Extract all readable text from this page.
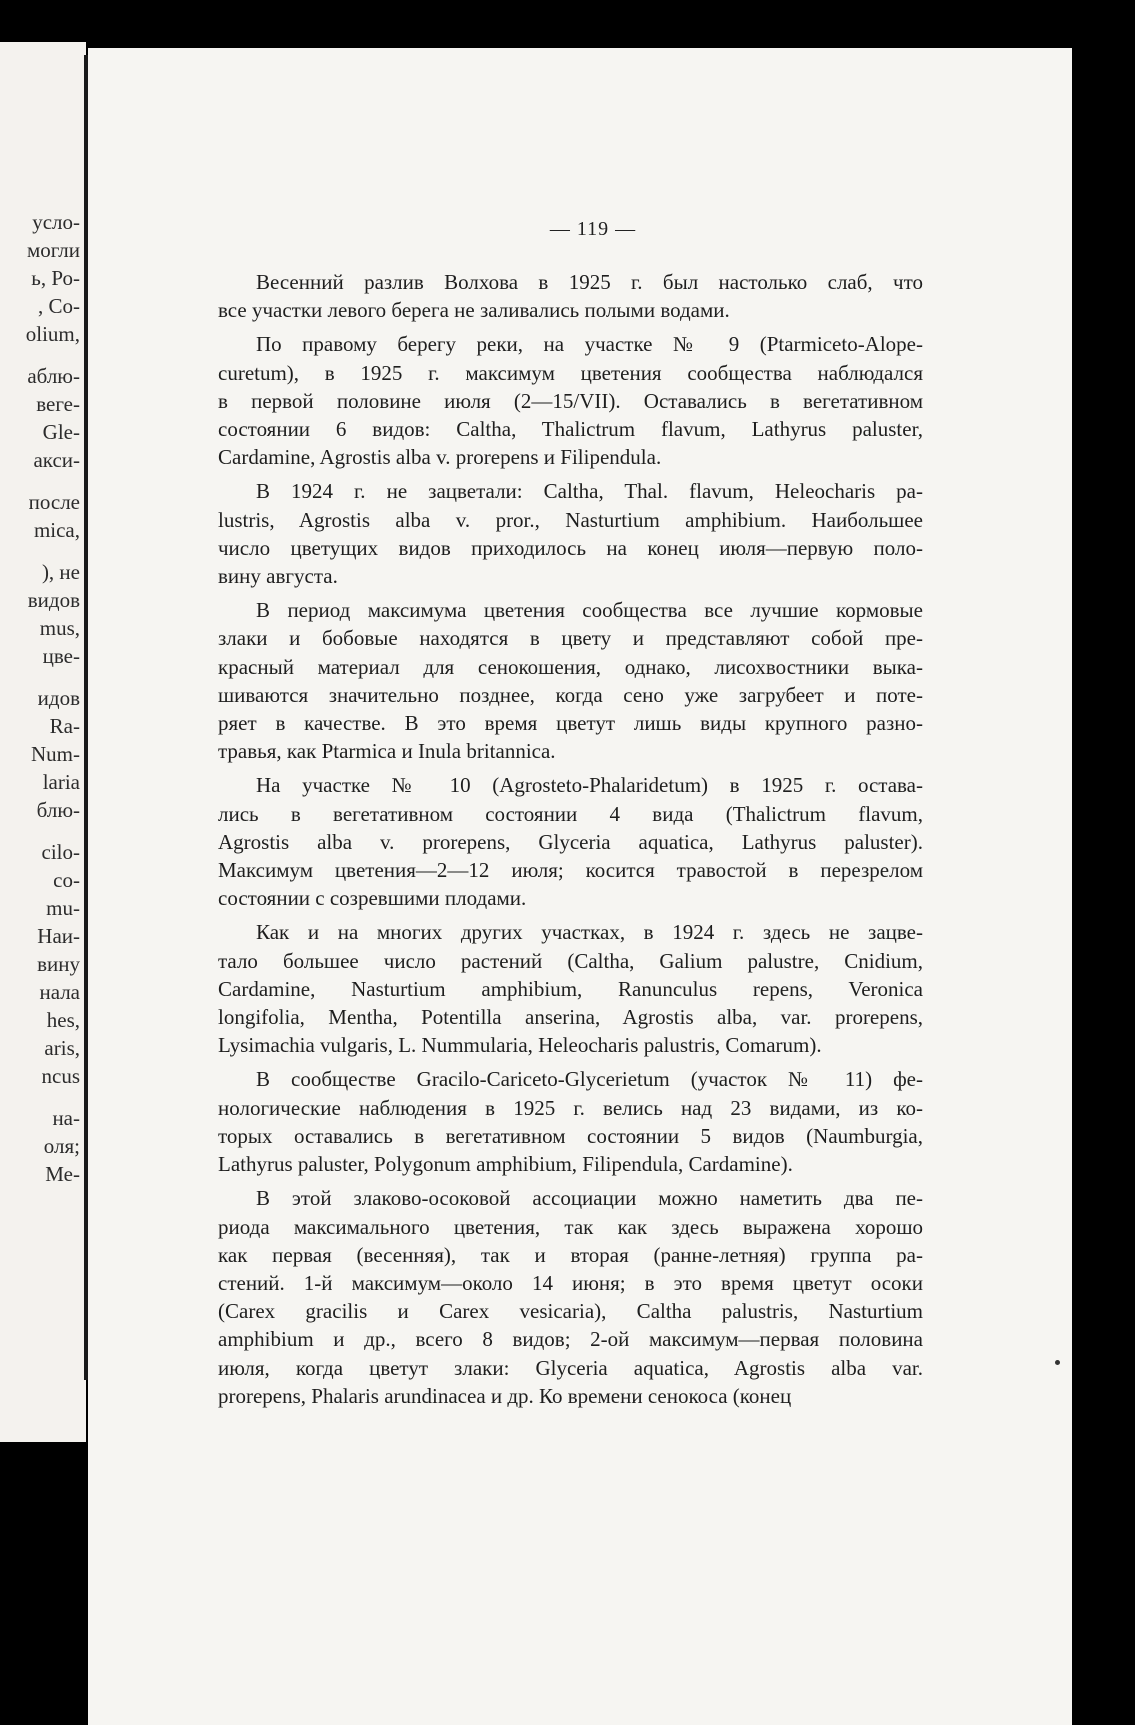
усло-
могли
ь, Ро-
, Co-
olium,
аблю-
веге-
Gle-
акси-
после
mica,
), не
видов
mus,
цве-
идов
Ra-
Num-
laria
блю-
cilo-
co-
mu-
Наи-
вину
нала
hes,
aris,
ncus
на-
оля;
Ме-
— 119 —
Весенний разлив Волхова в 1925 г. был настолько слаб, что
все участки левого берега не заливались полыми водами.
По правому берегу реки, на участке № 9 (Ptarmiceto-Alope-
curetum), в 1925 г. максимум цветения сообщества наблюдался
в первой половине июля (2—15/VII). Оставались в вегетативном
состоянии 6 видов: Caltha, Thalictrum flavum, Lathyrus paluster,
Cardamine, Agrostis alba v. prorepens и Filipendula.
В 1924 г. не зацветали: Caltha, Thal. flavum, Heleocharis pa-
lustris, Agrostis alba v. pror., Nasturtium amphibium. Наибольшее
число цветущих видов приходилось на конец июля—первую поло-
вину августа.
В период максимума цветения сообщества все лучшие кормовые
злаки и бобовые находятся в цвету и представляют собой пре-
красный материал для сенокошения, однако, лисохвостники выка-
шиваются значительно позднее, когда сено уже загрубеет и поте-
ряет в качестве. В это время цветут лишь виды крупного разно-
травья, как Ptarmica и Inula britannica.
На участке № 10 (Agrosteto-Phalaridetum) в 1925 г. остава-
лись в вегетативном состоянии 4 вида (Thalictrum flavum,
Agrostis alba v. prorepens, Glyceria aquatica, Lathyrus paluster).
Максимум цветения—2—12 июля; косится травостой в перезрелом
состоянии с созревшими плодами.
Как и на многих других участках, в 1924 г. здесь не зацве-
тало большее число растений (Caltha, Galium palustre, Cnidium,
Cardamine, Nasturtium amphibium, Ranunculus repens, Veronica
longifolia, Mentha, Potentilla anserina, Agrostis alba, var. prorepens,
Lysimachia vulgaris, L. Nummularia, Heleocharis palustris, Comarum).
В сообществе Gracilo-Cariceto-Glycerietum (участок № 11) фе-
нологические наблюдения в 1925 г. велись над 23 видами, из ко-
торых оставались в вегетативном состоянии 5 видов (Naumburgia,
Lathyrus paluster, Polygonum amphibium, Filipendula, Cardamine).
В этой злаково-осоковой ассоциации можно наметить два пе-
риода максимального цветения, так как здесь выражена хорошо
как первая (весенняя), так и вторая (ранне-летняя) группа ра-
стений. 1-й максимум—около 14 июня; в это время цветут осоки
(Carex gracilis и Carex vesicaria), Caltha palustris, Nasturtium
amphibium и др., всего 8 видов; 2-ой максимум—первая половина
июля, когда цветут злаки: Glyceria aquatica, Agrostis alba var.
prorepens, Phalaris arundinacea и др. Ко времени сенокоса (конец
